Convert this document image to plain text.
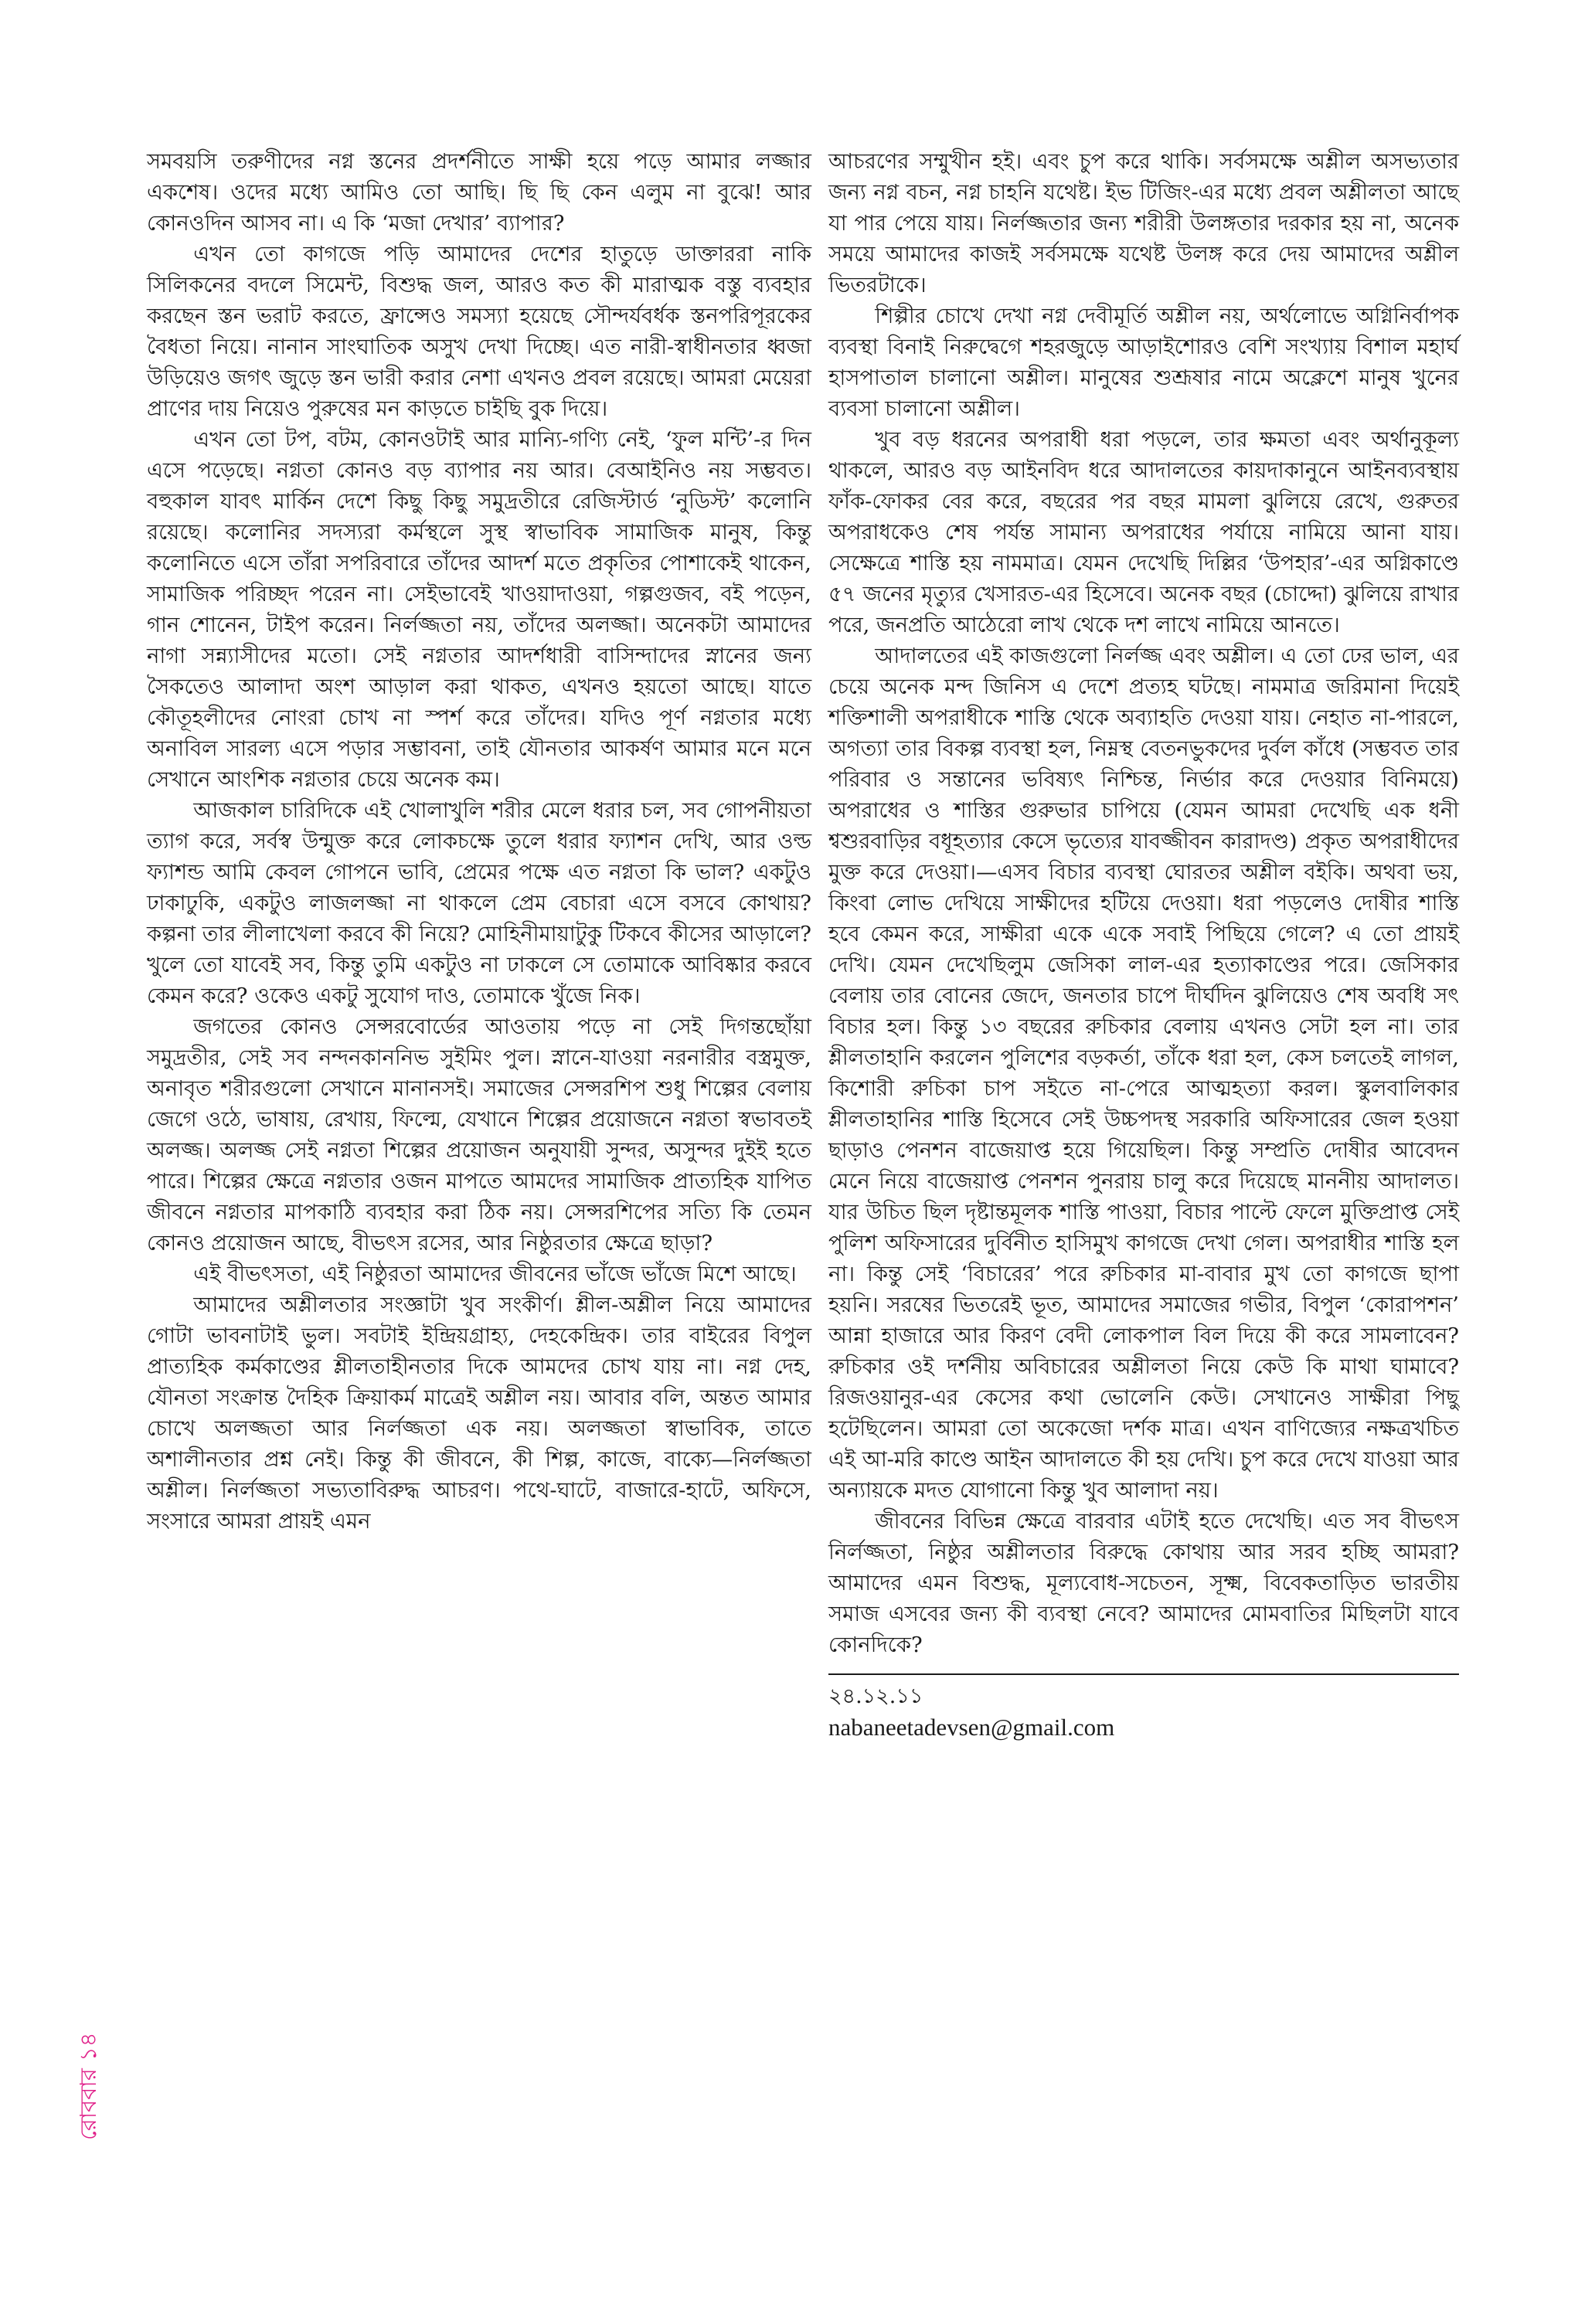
রোববার ১৪

সমবয়সি তরুণীদের নগ্ন স্তনের প্রদর্শনীতে সাক্ষী হয়ে পড়ে আমার লজ্জার একশেষ। ওদের মধ্যে আমিও তো আছি। ছি ছি কেন এলুম না বুঝে! আর কোনওদিন আসব না। এ কি ‘মজা দেখার’ ব্যাপার?

এখন তো কাগজে পড়ি আমাদের দেশের হাতুড়ে ডাক্তাররা নাকি সিলিকনের বদলে সিমেন্ট, বিশুদ্ধ জল, আরও কত কী মারাত্মক বস্তু ব্যবহার করছেন স্তন ভরাট করতে, ফ্রান্সেও সমস্যা হয়েছে সৌন্দর্যবর্ধক স্তনপরিপূরকের বৈধতা নিয়ে। নানান সাংঘাতিক অসুখ দেখা দিচ্ছে। এত নারী-স্বাধীনতার ধ্বজা উড়িয়েও জগৎ জুড়ে স্তন ভারী করার নেশা এখনও প্রবল রয়েছে। আমরা মেয়েরা প্রাণের দায় নিয়েও পুরুষের মন কাড়তে চাইছি বুক দিয়ে।

এখন তো টপ, বটম, কোনওটাই আর মান্যি-গণ্যি নেই, ‘ফুল মন্টি’-র দিন এসে পড়েছে। নগ্নতা কোনও বড় ব্যাপার নয় আর। বেআইনিও নয় সম্ভবত। বহুকাল যাবৎ মার্কিন দেশে কিছু কিছু সমুদ্রতীরে রেজিস্টার্ড ‘নুডিস্ট’ কলোনি রয়েছে। কলোনির সদস্যরা কর্মস্থলে সুস্থ স্বাভাবিক সামাজিক মানুষ, কিন্তু কলোনিতে এসে তাঁরা সপরিবারে তাঁদের আদর্শ মতে প্রকৃতির পোশাকেই থাকেন, সামাজিক পরিচ্ছদ পরেন না। সেইভাবেই খাওয়াদাওয়া, গল্পগুজব, বই পড়েন, গান শোনেন, টাইপ করেন। নির্লজ্জতা নয়, তাঁদের অলজ্জা। অনেকটা আমাদের নাগা সন্ন্যাসীদের মতো। সেই নগ্নতার আদর্শধারী বাসিন্দাদের স্নানের জন্য সৈকতেও আলাদা অংশ আড়াল করা থাকত, এখনও হয়তো আছে। যাতে কৌতূহলীদের নোংরা চোখ না স্পর্শ করে তাঁদের। যদিও পূর্ণ নগ্নতার মধ্যে অনাবিল সারল্য এসে পড়ার সম্ভাবনা, তাই যৌনতার আকর্ষণ আমার মনে মনে সেখানে আংশিক নগ্নতার চেয়ে অনেক কম।

আজকাল চারিদিকে এই খোলাখুলি শরীর মেলে ধরার চল, সব গোপনীয়তা ত্যাগ করে, সর্বস্ব উন্মুক্ত করে লোকচক্ষে তুলে ধরার ফ্যাশন দেখি, আর ওল্ড ফ্যাশন্ড আমি কেবল গোপনে ভাবি, প্রেমের পক্ষে এত নগ্নতা কি ভাল? একটুও ঢাকাঢুকি, একটুও লাজলজ্জা না থাকলে প্রেম বেচারা এসে বসবে কোথায়? কল্পনা তার লীলাখেলা করবে কী নিয়ে? মোহিনীমায়াটুকু টিকবে কীসের আড়ালে? খুলে তো যাবেই সব, কিন্তু তুমি একটুও না ঢাকলে সে তোমাকে আবিষ্কার করবে কেমন করে? ওকেও একটু সুযোগ দাও, তোমাকে খুঁজে নিক।

জগতের কোনও সেন্সরবোর্ডের আওতায় পড়ে না সেই দিগন্তছোঁয়া সমুদ্রতীর, সেই সব নন্দনকাননিভ সুইমিং পুল। স্নানে-যাওয়া নরনারীর বস্ত্রমুক্ত, অনাবৃত শরীরগুলো সেখানে মানানসই। সমাজের সেন্সরশিপ শুধু শিল্পের বেলায় জেগে ওঠে, ভাষায়, রেখায়, ফিল্মে, যেখানে শিল্পের প্রয়োজনে নগ্নতা স্বভাবতই অলজ্জ। অলজ্জ সেই নগ্নতা শিল্পের প্রয়োজন অনুযায়ী সুন্দর, অসুন্দর দুইই হতে পারে। শিল্পের ক্ষেত্রে নগ্নতার ওজন মাপতে আমদের সামাজিক প্রাত্যহিক যাপিত জীবনে নগ্নতার মাপকাঠি ব্যবহার করা ঠিক নয়। সেন্সরশিপের সত্যি কি তেমন কোনও প্রয়োজন আছে, বীভৎস রসের, আর নিষ্ঠুরতার ক্ষেত্রে ছাড়া?

এই বীভৎসতা, এই নিষ্ঠুরতা আমাদের জীবনের ভাঁজে ভাঁজে মিশে আছে।

আমাদের অশ্লীলতার সংজ্ঞাটা খুব সংকীর্ণ। শ্লীল-অশ্লীল নিয়ে আমাদের গোটা ভাবনাটাই ভুল। সবটাই ইন্দ্রিয়গ্রাহ্য, দেহকেন্দ্রিক। তার বাইরের বিপুল প্রাত্যহিক কর্মকাণ্ডের শ্লীলতাহীনতার দিকে আমদের চোখ যায় না। নগ্ন দেহ, যৌনতা সংক্রান্ত দৈহিক ক্রিয়াকর্ম মাত্রেই অশ্লীল নয়। আবার বলি, অন্তত আমার চোখে অলজ্জতা আর নির্লজ্জতা এক নয়। অলজ্জতা স্বাভাবিক, তাতে অশালীনতার প্রশ্ন নেই। কিন্তু কী জীবনে, কী শিল্প, কাজে, বাক্যে—নির্লজ্জতা অশ্লীল। নির্লজ্জতা সভ্যতাবিরুদ্ধ আচরণ। পথে-ঘাটে, বাজারে-হাটে, অফিসে, সংসারে আমরা প্রায়ই এমন

আচরণের সম্মুখীন হই। এবং চুপ করে থাকি। সর্বসমক্ষে অশ্লীল অসভ্যতার জন্য নগ্ন বচন, নগ্ন চাহনি যথেষ্ট। ইভ টিজিং-এর মধ্যে প্রবল অশ্লীলতা আছে যা পার পেয়ে যায়। নির্লজ্জতার জন্য শরীরী উলঙ্গতার দরকার হয় না, অনেক সময়ে আমাদের কাজই সর্বসমক্ষে যথেষ্ট উলঙ্গ করে দেয় আমাদের অশ্লীল ভিতরটাকে।

শিল্পীর চোখে দেখা নগ্ন দেবীমূর্তি অশ্লীল নয়, অর্থলোভে অগ্নিনির্বাপক ব্যবস্থা বিনাই নিরুদ্বেগে শহরজুড়ে আড়াইশোরও বেশি সংখ্যায় বিশাল মহার্ঘ হাসপাতাল চালানো অশ্লীল। মানুষের শুশ্রূষার নামে অক্লেশে মানুষ খুনের ব্যবসা চালানো অশ্লীল।

খুব বড় ধরনের অপরাধী ধরা পড়লে, তার ক্ষমতা এবং অর্থানুকূল্য থাকলে, আরও বড় আইনবিদ ধরে আদালতের কায়দাকানুনে আইনব্যবস্থায় ফাঁক-ফোকর বের করে, বছরের পর বছর মামলা ঝুলিয়ে রেখে, গুরুতর অপরাধকেও শেষ পর্যন্ত সামান্য অপরাধের পর্যায়ে নামিয়ে আনা যায়। সেক্ষেত্রে শাস্তি হয় নামমাত্র। যেমন দেখেছি দিল্লির ‘উপহার’-এর অগ্নিকাণ্ডে ৫৭ জনের মৃত্যুর খেসারত-এর হিসেবে। অনেক বছর (চোদ্দো) ঝুলিয়ে রাখার পরে, জনপ্রতি আঠেরো লাখ থেকে দশ লাখে নামিয়ে আনতে।

আদালতের এই কাজগুলো নির্লজ্জ এবং অশ্লীল। এ তো ঢের ভাল, এর চেয়ে অনেক মন্দ জিনিস এ দেশে প্রত্যহ ঘটছে। নামমাত্র জরিমানা দিয়েই শক্তিশালী অপরাধীকে শাস্তি থেকে অব্যাহতি দেওয়া যায়। নেহাত না-পারলে, অগত্যা তার বিকল্প ব্যবস্থা হল, নিম্নস্থ বেতনভুকদের দুর্বল কাঁধে (সম্ভবত তার পরিবার ও সন্তানের ভবিষ্যৎ নিশ্চিন্ত, নির্ভার করে দেওয়ার বিনিময়ে) অপরাধের ও শাস্তির গুরুভার চাপিয়ে (যেমন আমরা দেখেছি এক ধনী শ্বশুরবাড়ির বধূহত্যার কেসে ভৃত্যের যাবজ্জীবন কারাদণ্ড) প্রকৃত অপরাধীদের মুক্ত করে দেওয়া।—এসব বিচার ব্যবস্থা ঘোরতর অশ্লীল বইকি। অথবা ভয়, কিংবা লোভ দেখিয়ে সাক্ষীদের হটিয়ে দেওয়া। ধরা পড়লেও দোষীর শাস্তি হবে কেমন করে, সাক্ষীরা একে একে সবাই পিছিয়ে গেলে? এ তো প্রায়ই দেখি। যেমন দেখেছিলুম জেসিকা লাল-এর হত্যাকাণ্ডের পরে। জেসিকার বেলায় তার বোনের জেদে, জনতার চাপে দীর্ঘদিন ঝুলিয়েও শেষ অবধি সৎ বিচার হল। কিন্তু ১৩ বছরের রুচিকার বেলায় এখনও সেটা হল না। তার শ্লীলতাহানি করলেন পুলিশের বড়কর্তা, তাঁকে ধরা হল, কেস চলতেই লাগল, কিশোরী রুচিকা চাপ সইতে না-পেরে আত্মহত্যা করল। স্কুলবালিকার শ্লীলতাহানির শাস্তি হিসেবে সেই উচ্চপদস্থ সরকারি অফিসারের জেল হওয়া ছাড়াও পেনশন বাজেয়াপ্ত হয়ে গিয়েছিল। কিন্তু সম্প্রতি দোষীর আবেদন মেনে নিয়ে বাজেয়াপ্ত পেনশন পুনরায় চালু করে দিয়েছে মাননীয় আদালত। যার উচিত ছিল দৃষ্টান্তমূলক শাস্তি পাওয়া, বিচার পাল্টে ফেলে মুক্তিপ্রাপ্ত সেই পুলিশ অফিসারের দুর্বিনীত হাসিমুখ কাগজে দেখা গেল। অপরাধীর শাস্তি হল না। কিন্তু সেই ‘বিচারের’ পরে রুচিকার মা-বাবার মুখ তো কাগজে ছাপা হয়নি। সরষের ভিতরেই ভূত, আমাদের সমাজের গভীর, বিপুল ‘কোরাপশন’ আন্না হাজারে আর কিরণ বেদী লোকপাল বিল দিয়ে কী করে সামলাবেন? রুচিকার ওই দর্শনীয় অবিচারের অশ্লীলতা নিয়ে কেউ কি মাথা ঘামাবে? রিজওয়ানুর-এর কেসের কথা ভোলেনি কেউ। সেখানেও সাক্ষীরা পিছু হটেছিলেন। আমরা তো অকেজো দর্শক মাত্র। এখন বাণিজ্যের নক্ষত্রখচিত এই আ-মরি কাণ্ডে আইন আদালতে কী হয় দেখি। চুপ করে দেখে যাওয়া আর অন্যায়কে মদত যোগানো কিন্তু খুব আলাদা নয়।

জীবনের বিভিন্ন ক্ষেত্রে বারবার এটাই হতে দেখেছি। এত সব বীভৎস নির্লজ্জতা, নিষ্ঠুর অশ্লীলতার বিরুদ্ধে কোথায় আর সরব হচ্ছি আমরা? আমাদের এমন বিশুদ্ধ, মূল্যবোধ-সচেতন, সূক্ষ্ম, বিবেকতাড়িত ভারতীয় সমাজ এসবের জন্য কী ব্যবস্থা নেবে? আমাদের মোমবাতির মিছিলটা যাবে কোনদিকে?

২৪.১২.১১
nabaneetadevsen@gmail.com
